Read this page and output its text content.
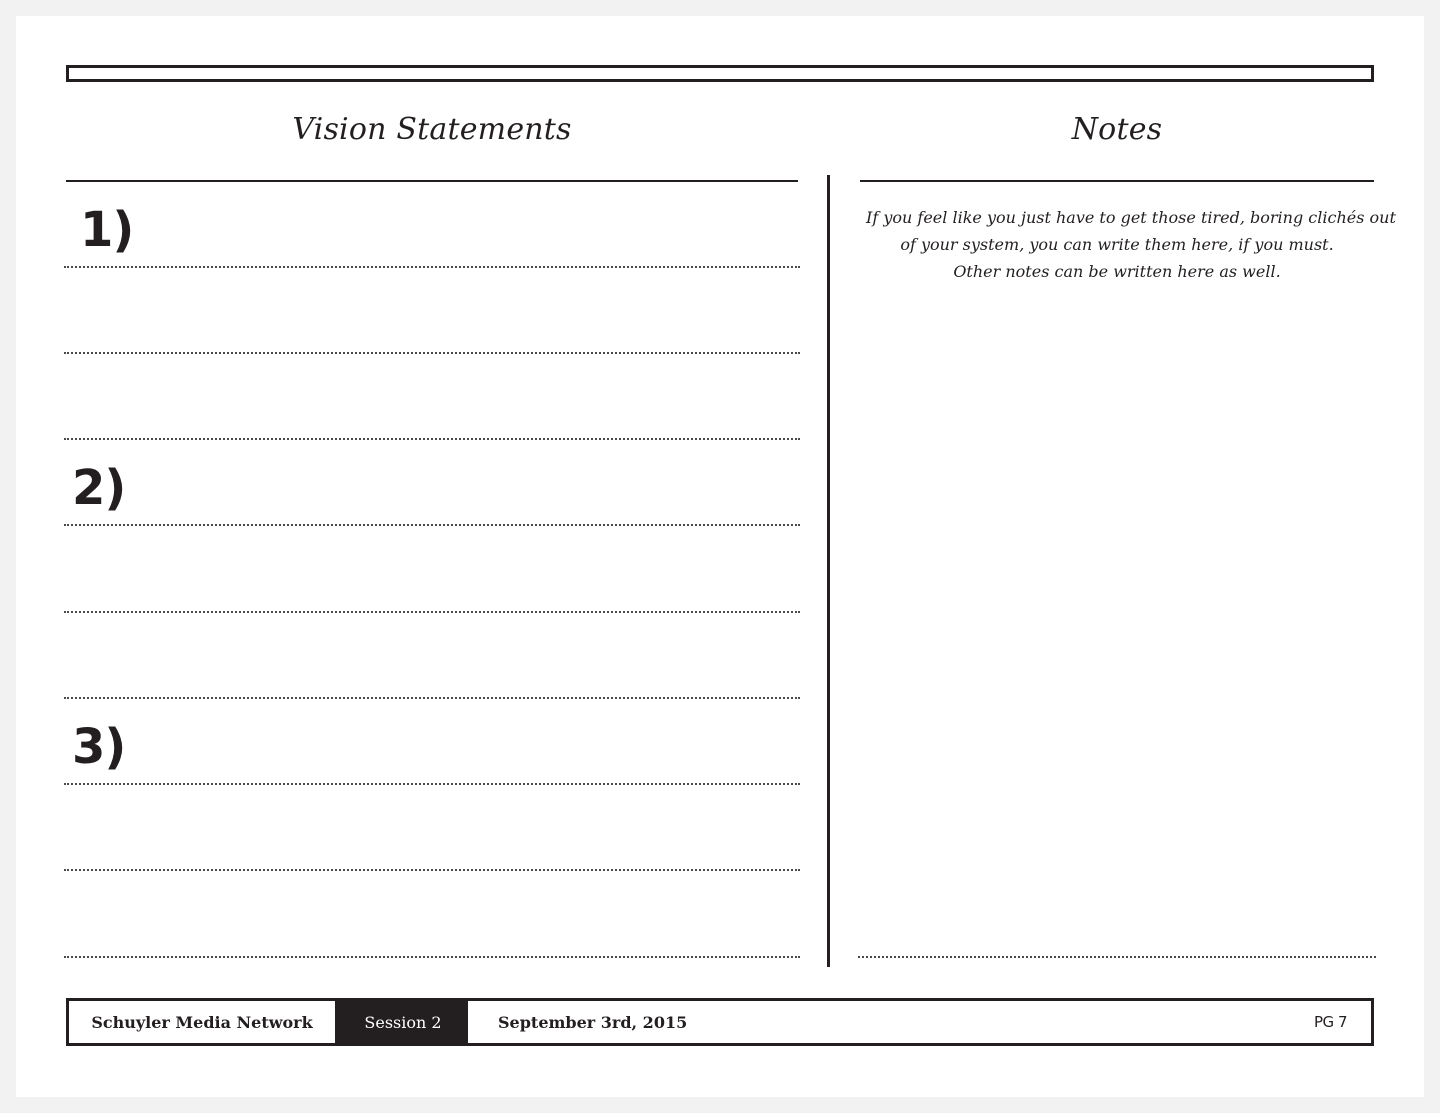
Vision Statements	Notes
1)
2)
3)

If you feel like you just have to get those tired, boring clichés out
of your system, you can write them here, if you must.
Other notes can be written here as well.

Schuyler Media Network	Session 2	September 3rd, 2015	PG 7
